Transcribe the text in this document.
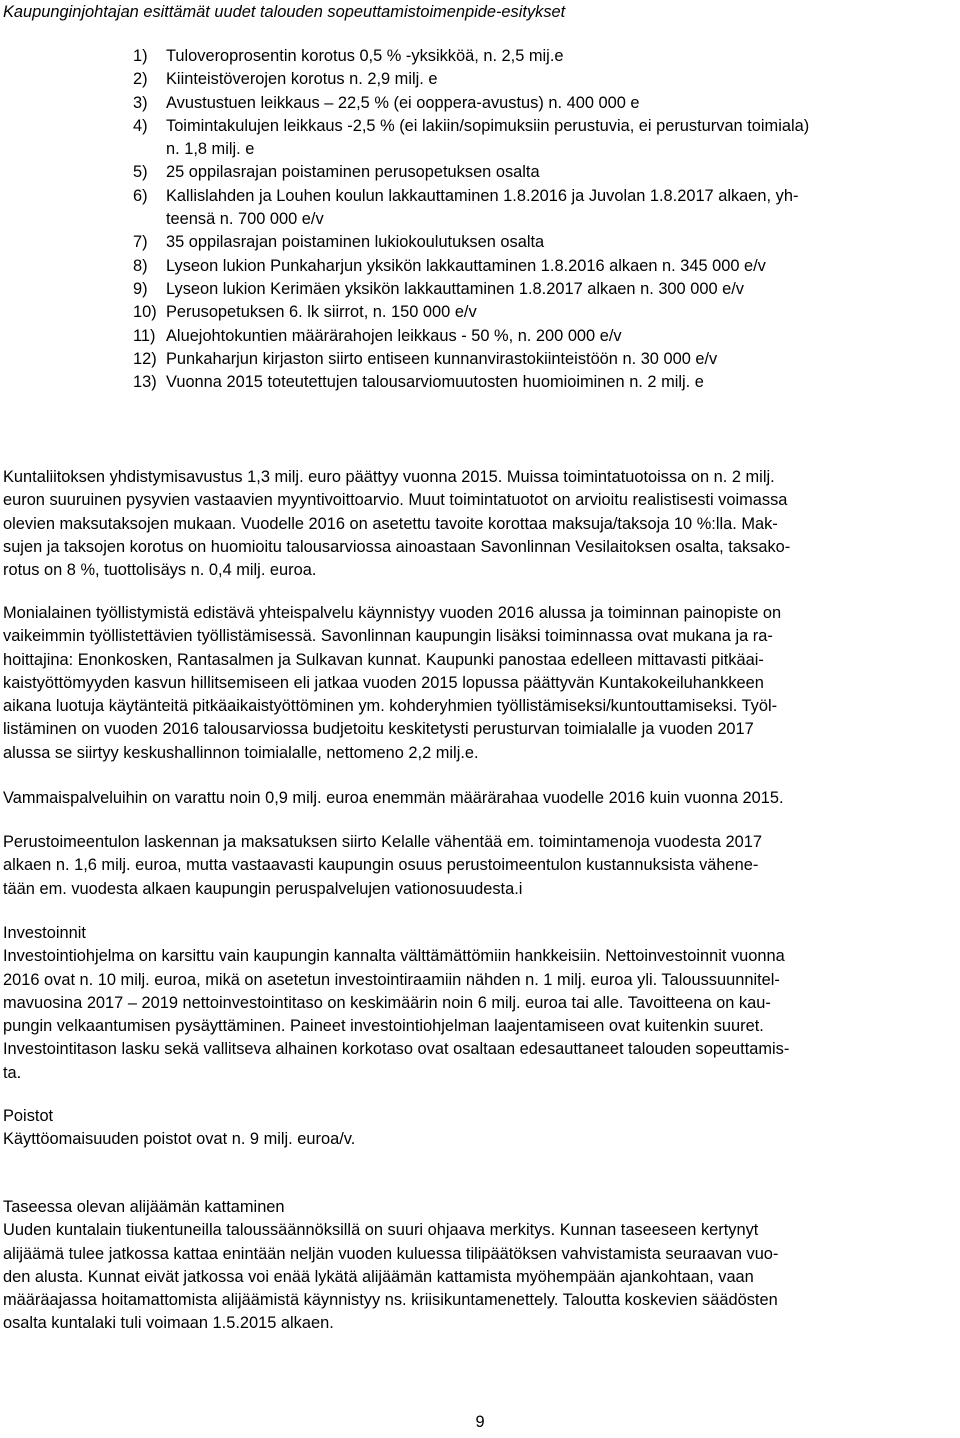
Kaupunginjohtajan esittämät uudet talouden sopeuttamistoimenpide-esitykset
1)	Tuloveroprosentin korotus 0,5 % -yksikköä, n. 2,5 mij.e
2)	Kiinteistöverojen korotus n. 2,9 milj. e
3)	Avustustuen leikkaus – 22,5 % (ei ooppera-avustus) n. 400 000 e
4)	Toimintakulujen leikkaus -2,5 % (ei lakiin/sopimuksiin perustuvia, ei perusturvan toimiala)
n. 1,8 milj. e
5)	25 oppilasrajan poistaminen perusopetuksen osalta
6)	Kallislahden ja Louhen koulun lakkauttaminen 1.8.2016 ja Juvolan 1.8.2017 alkaen, yh-
teensä n. 700 000 e/v
7)	35 oppilasrajan poistaminen lukiokoulutuksen osalta
8)	Lyseon lukion Punkaharjun yksikön lakkauttaminen 1.8.2016 alkaen n. 345 000 e/v
9)	Lyseon lukion Kerimäen yksikön lakkauttaminen 1.8.2017 alkaen n. 300 000 e/v
10) Perusopetuksen 6. lk siirrot, n. 150 000 e/v
11) Aluejohtokuntien määrärahojen leikkaus - 50 %, n. 200 000 e/v
12) Punkaharjun kirjaston siirto entiseen kunnanvirastokiinteistöön n. 30 000 e/v
13) Vuonna 2015 toteutettujen talousarviomuutosten huomioiminen n. 2 milj. e

Kuntaliitoksen yhdistymisavustus 1,3 milj. euro päättyy vuonna 2015. Muissa toimintatuotoissa on n. 2 milj.
euron suuruinen pysyvien vastaavien myyntivoittoarvio. Muut toimintatuotot on arvioitu realistisesti voimassa
olevien maksutaksojen mukaan. Vuodelle 2016 on asetettu tavoite korottaa maksuja/taksoja 10 %:lla. Mak-
sujen ja taksojen korotus on huomioitu talousarviossa ainoastaan Savonlinnan Vesilaitoksen osalta, taksako-
rotus on 8 %, tuottolisäys n. 0,4 milj. euroa.

Monialainen työllistymistä edistävä yhteispalvelu käynnistyy vuoden 2016 alussa ja toiminnan painopiste on
vaikeimmin työllistettävien työllistämisessä. Savonlinnan kaupungin lisäksi toiminnassa ovat mukana ja ra-
hoittajina: Enonkosken, Rantasalmen ja Sulkavan kunnat. Kaupunki panostaa edelleen mittavasti pitkäai-
kaistyöttömyyden kasvun hillitsemiseen eli jatkaa vuoden 2015 lopussa päättyvän Kuntakokeiluhankkeen
aikana luotuja käytänteitä pitkäaikaistyöttöminen ym. kohderyhmien työllistämiseksi/kuntouttamiseksi. Työl-
listäminen on vuoden 2016 talousarviossa budjetoitu keskitetysti perusturvan toimialalle ja vuoden 2017
alussa se siirtyy keskushallinnon toimialalle, nettomeno 2,2 milj.e.

Vammaispalveluihin on varattu noin 0,9 milj. euroa enemmän määrärahaa vuodelle 2016 kuin vuonna 2015.

Perustoimeentulon laskennan ja maksatuksen siirto Kelalle vähentää em. toimintamenoja vuodesta 2017
alkaen n. 1,6 milj. euroa, mutta vastaavasti kaupungin osuus perustoimeentulon kustannuksista vähene-
tään em. vuodesta alkaen kaupungin peruspalvelujen vationosuudesta.i

Investoinnit
Investointiohjelma on karsittu vain kaupungin kannalta välttämättömiin hankkeisiin. Nettoinvestoinnit vuonna
2016 ovat n. 10 milj. euroa, mikä on asetetun investointiraamiin nähden n. 1 milj. euroa yli. Taloussuunnitel-
mavuosina 2017 – 2019 nettoinvestointitaso on keskimäärin noin 6 milj. euroa tai alle. Tavoitteena on kau-
pungin velkaantumisen pysäyttäminen. Paineet investointiohjelman laajentamiseen ovat kuitenkin suuret.
Investointitason lasku sekä vallitseva alhainen korkotaso ovat osaltaan edesauttaneet talouden sopeuttamis-
ta.

Poistot
Käyttöomaisuuden poistot ovat n. 9 milj. euroa/v.

Taseessa olevan alijäämän kattaminen
Uuden kuntalain tiukentuneilla taloussäännöksillä on suuri ohjaava merkitys. Kunnan taseeseen kertynyt
alijäämä tulee jatkossa kattaa enintään neljän vuoden kuluessa tilipäätöksen vahvistamista seuraavan vuo-
den alusta. Kunnat eivät jatkossa voi enää lykätä alijäämän kattamista myöhempään ajankohtaan, vaan
määräajassa hoitamattomista alijäämistä käynnistyy ns. kriisikuntamenettely. Taloutta koskevien säädösten
osalta kuntalaki tuli voimaan 1.5.2015 alkaen.

9
